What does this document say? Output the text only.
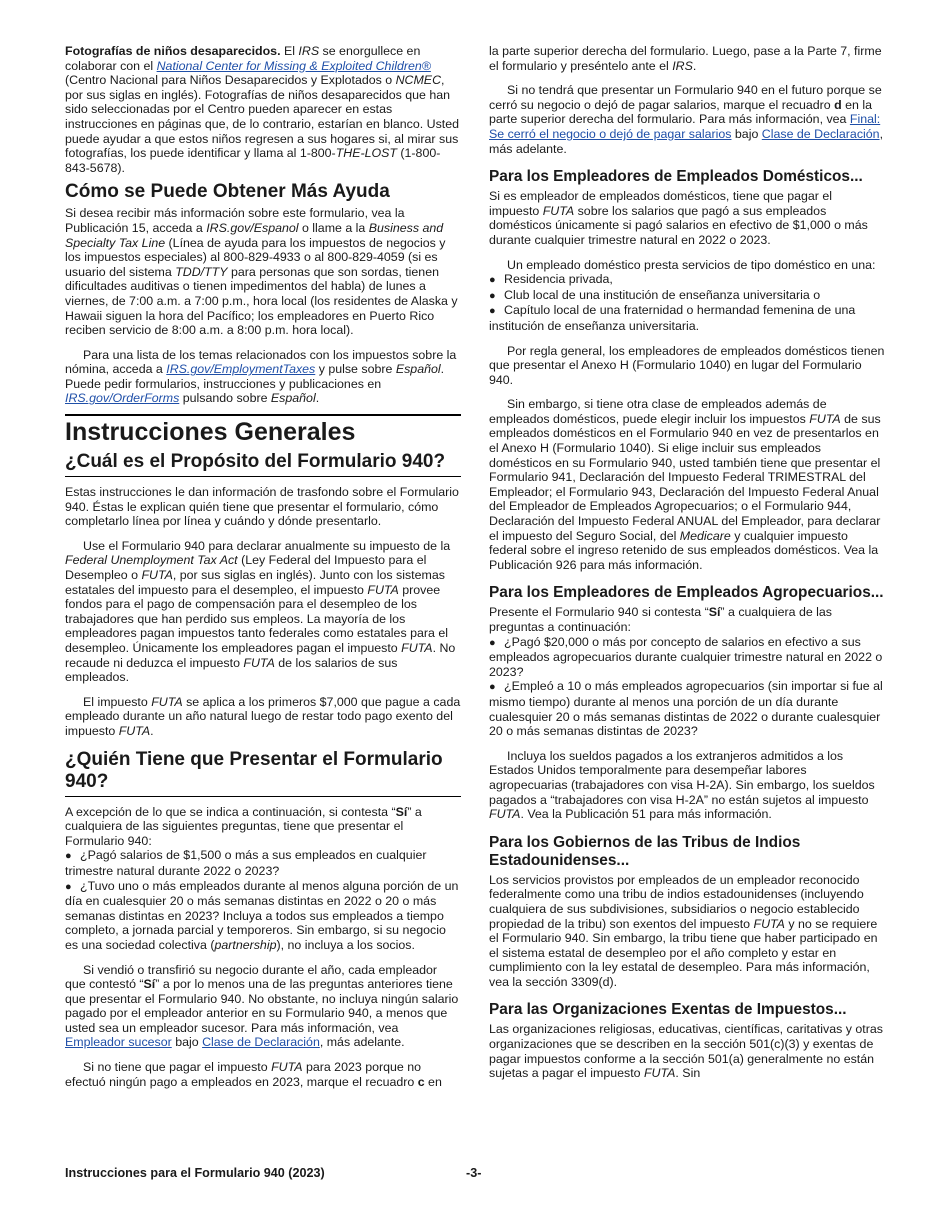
Fotografías de niños desaparecidos. El IRS se enorgullece en colaborar con el National Center for Missing & Exploited Children® (Centro Nacional para Niños Desaparecidos y Explotados o NCMEC, por sus siglas en inglés). Fotografías de niños desaparecidos que han sido seleccionadas por el Centro pueden aparecer en estas instrucciones en páginas que, de lo contrario, estarían en blanco. Usted puede ayudar a que estos niños regresen a sus hogares si, al mirar sus fotografías, los puede identificar y llama al 1-800-THE-LOST (1-800-843-5678).

Cómo se Puede Obtener Más Ayuda

Si desea recibir más información sobre este formulario, vea la Publicación 15, acceda a IRS.gov/Espanol o llame a la Business and Specialty Tax Line (Línea de ayuda para los impuestos de negocios y los impuestos especiales) al 800-829-4933 o al 800-829-4059 (si es usuario del sistema TDD/TTY para personas que son sordas, tienen dificultades auditivas o tienen impedimentos del habla) de lunes a viernes, de 7:00 a.m. a 7:00 p.m., hora local (los residentes de Alaska y Hawaii siguen la hora del Pacífico; los empleadores en Puerto Rico reciben servicio de 8:00 a.m. a 8:00 p.m. hora local).

Para una lista de los temas relacionados con los impuestos sobre la nómina, acceda a IRS.gov/EmploymentTaxes y pulse sobre Español. Puede pedir formularios, instrucciones y publicaciones en IRS.gov/OrderForms pulsando sobre Español.

Instrucciones Generales
¿Cuál es el Propósito del Formulario 940?

Estas instrucciones le dan información de trasfondo sobre el Formulario 940. Éstas le explican quién tiene que presentar el formulario, cómo completarlo línea por línea y cuándo y dónde presentarlo.

Use el Formulario 940 para declarar anualmente su impuesto de la Federal Unemployment Tax Act (Ley Federal del Impuesto para el Desempleo o FUTA, por sus siglas en inglés). Junto con los sistemas estatales del impuesto para el desempleo, el impuesto FUTA provee fondos para el pago de compensación para el desempleo de los trabajadores que han perdido sus empleos. La mayoría de los empleadores pagan impuestos tanto federales como estatales para el desempleo. Únicamente los empleadores pagan el impuesto FUTA. No recaude ni deduzca el impuesto FUTA de los salarios de sus empleados.

El impuesto FUTA se aplica a los primeros $7,000 que pague a cada empleado durante un año natural luego de restar todo pago exento del impuesto FUTA.

¿Quién Tiene que Presentar el Formulario 940?

A excepción de lo que se indica a continuación, si contesta “Sí” a cualquiera de las siguientes preguntas, tiene que presentar el Formulario 940:

● ¿Pagó salarios de $1,500 o más a sus empleados en cualquier trimestre natural durante 2022 o 2023?
● ¿Tuvo uno o más empleados durante al menos alguna porción de un día en cualesquier 20 o más semanas distintas en 2022 o 20 o más semanas distintas en 2023? Incluya a todos sus empleados a tiempo completo, a jornada parcial y temporeros. Sin embargo, si su negocio es una sociedad colectiva (partnership), no incluya a los socios.

Si vendió o transfirió su negocio durante el año, cada empleador que contestó “Sí” a por lo menos una de las preguntas anteriores tiene que presentar el Formulario 940. No obstante, no incluya ningún salario pagado por el empleador anterior en su Formulario 940, a menos que usted sea un empleador sucesor. Para más información, vea Empleador sucesor bajo Clase de Declaración, más adelante.

Si no tiene que pagar el impuesto FUTA para 2023 porque no efectuó ningún pago a empleados en 2023, marque el recuadro c en

la parte superior derecha del formulario. Luego, pase a la Parte 7, firme el formulario y preséntelo ante el IRS.

Si no tendrá que presentar un Formulario 940 en el futuro porque se cerró su negocio o dejó de pagar salarios, marque el recuadro d en la parte superior derecha del formulario. Para más información, vea Final: Se cerró el negocio o dejó de pagar salarios bajo Clase de Declaración, más adelante.

Para los Empleadores de Empleados Domésticos...

Si es empleador de empleados domésticos, tiene que pagar el impuesto FUTA sobre los salarios que pagó a sus empleados domésticos únicamente si pagó salarios en efectivo de $1,000 o más durante cualquier trimestre natural en 2022 o 2023.

Un empleado doméstico presta servicios de tipo doméstico en una:

● Residencia privada,
● Club local de una institución de enseñanza universitaria o
● Capítulo local de una fraternidad o hermandad femenina de una institución de enseñanza universitaria.

Por regla general, los empleadores de empleados domésticos tienen que presentar el Anexo H (Formulario 1040) en lugar del Formulario 940.

Sin embargo, si tiene otra clase de empleados además de empleados domésticos, puede elegir incluir los impuestos FUTA de sus empleados domésticos en el Formulario 940 en vez de presentarlos en el Anexo H (Formulario 1040). Si elige incluir sus empleados domésticos en su Formulario 940, usted también tiene que presentar el Formulario 941, Declaración del Impuesto Federal TRIMESTRAL del Empleador; el Formulario 943, Declaración del Impuesto Federal Anual del Empleador de Empleados Agropecuarios; o el Formulario 944, Declaración del Impuesto Federal ANUAL del Empleador, para declarar el impuesto del Seguro Social, del Medicare y cualquier impuesto federal sobre el ingreso retenido de sus empleados domésticos. Vea la Publicación 926 para más información.

Para los Empleadores de Empleados Agropecuarios...

Presente el Formulario 940 si contesta “Sí” a cualquiera de las preguntas a continuación:

● ¿Pagó $20,000 o más por concepto de salarios en efectivo a sus empleados agropecuarios durante cualquier trimestre natural en 2022 o 2023?
● ¿Empleó a 10 o más empleados agropecuarios (sin importar si fue al mismo tiempo) durante al menos una porción de un día durante cualesquier 20 o más semanas distintas de 2022 o durante cualesquier 20 o más semanas distintas de 2023?

Incluya los sueldos pagados a los extranjeros admitidos a los Estados Unidos temporalmente para desempeñar labores agropecuarias (trabajadores con visa H-2A). Sin embargo, los sueldos pagados a “trabajadores con visa H-2A” no están sujetos al impuesto FUTA. Vea la Publicación 51 para más información.

Para los Gobiernos de las Tribus de Indios Estadounidenses...

Los servicios provistos por empleados de un empleador reconocido federalmente como una tribu de indios estadounidenses (incluyendo cualquiera de sus subdivisiones, subsidiarios o negocio establecido propiedad de la tribu) son exentos del impuesto FUTA y no se requiere el Formulario 940. Sin embargo, la tribu tiene que haber participado en el sistema estatal de desempleo por el año completo y estar en cumplimiento con la ley estatal de desempleo. Para más información, vea la sección 3309(d).

Para las Organizaciones Exentas de Impuestos...

Las organizaciones religiosas, educativas, científicas, caritativas y otras organizaciones que se describen en la sección 501(c)(3) y exentas de pagar impuestos conforme a la sección 501(a) generalmente no están sujetas a pagar el impuesto FUTA. Sin

Instrucciones para el Formulario 940 (2023)	-3-
